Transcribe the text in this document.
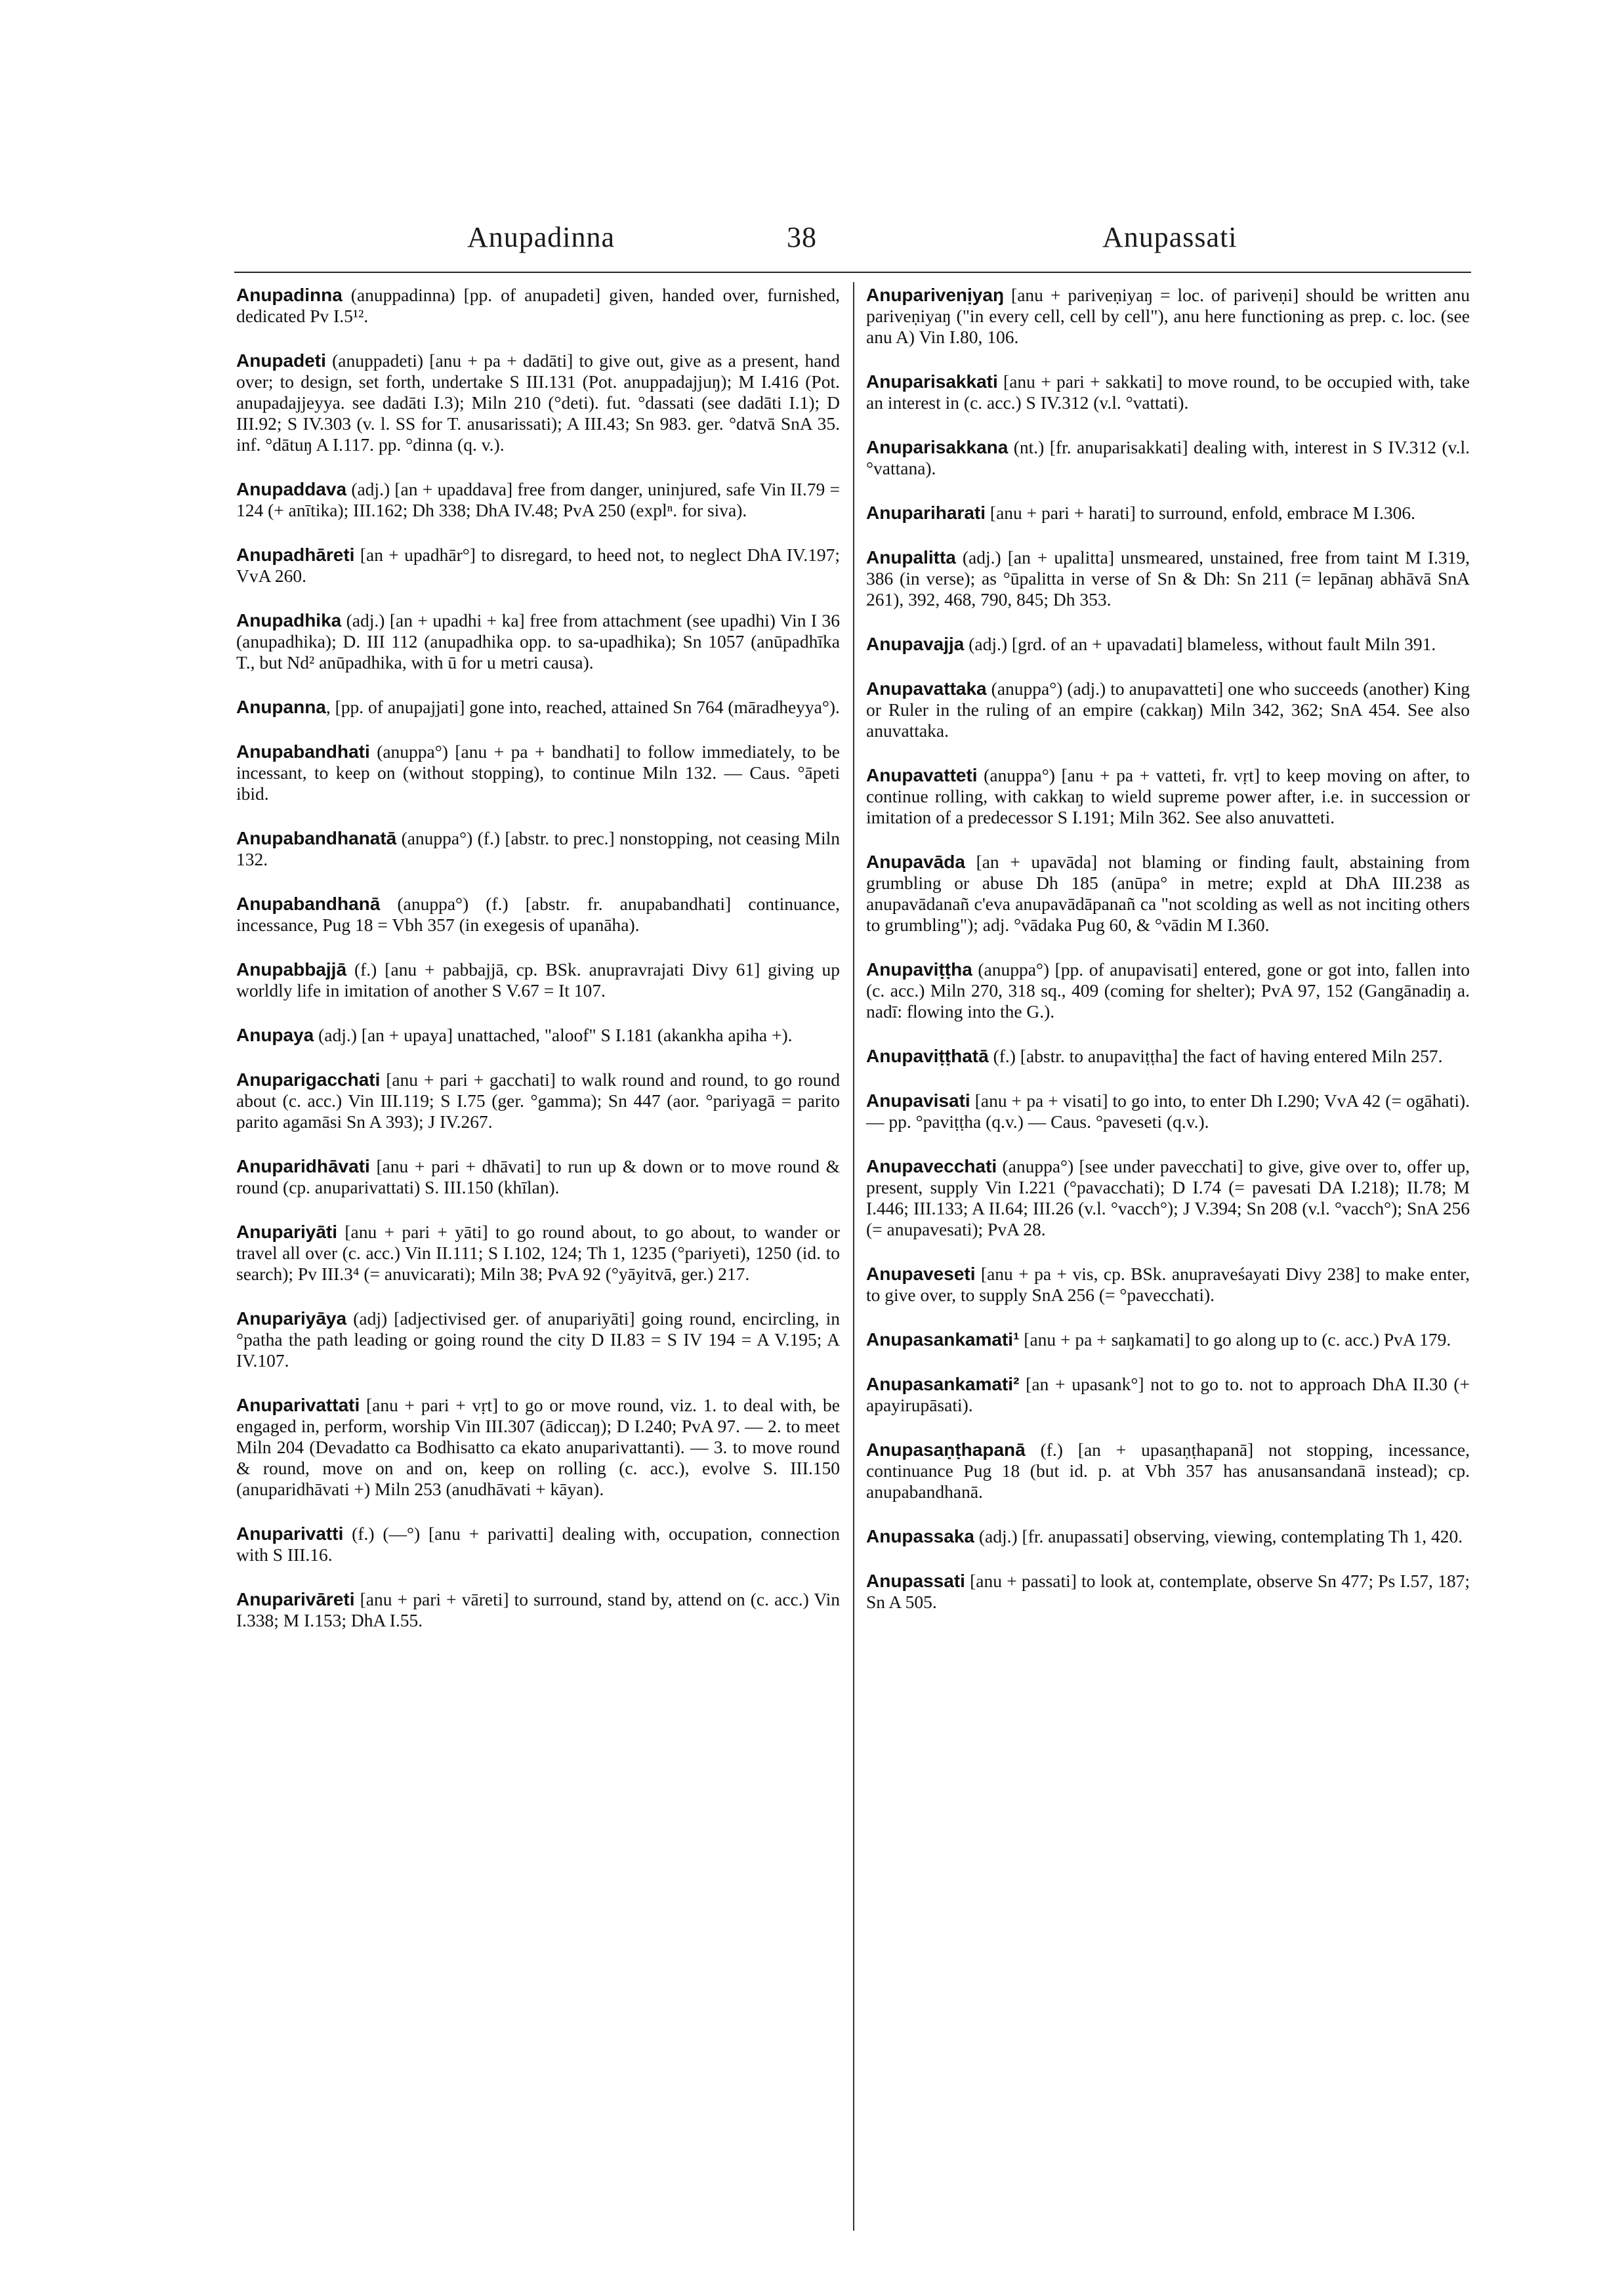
Anupadinna	38	Anupassati

Anupadinna (anuppadinna) [pp. of anupadeti] given, handed over, furnished, dedicated Pv I.5¹².

Anupadeti (anuppadeti) [anu + pa + dadāti] to give out, give as a present, hand over; to design, set forth, undertake S III.131 (Pot. anuppadajjuŋ); M I.416 (Pot. anupadajjeyya. see dadāti I.3); Miln 210 (°deti). fut. °dassati (see dadāti I.1); D III.92; S IV.303 (v. l. SS for T. anusarissati); A III.43; Sn 983. ger. °datvā SnA 35. inf. °dātuŋ A I.117. pp. °dinna (q. v.).

Anupaddava (adj.) [an + upaddava] free from danger, uninjured, safe Vin II.79 = 124 (+ anītika); III.162; Dh 338; DhA IV.48; PvA 250 (explⁿ. for siva).

Anupadhāreti [an + upadhār°] to disregard, to heed not, to neglect DhA IV.197; VvA 260.

Anupadhika (adj.) [an + upadhi + ka] free from attachment (see upadhi) Vin I 36 (anupadhika); D. III 112 (anupadhika opp. to sa-upadhika); Sn 1057 (anūpadhīka T., but Nd² anūpadhika, with ū for u metri causa).

Anupanna, [pp. of anupajjati] gone into, reached, attained Sn 764 (māradheyya°).

Anupabandhati (anuppa°) [anu + pa + bandhati] to follow immediately, to be incessant, to keep on (without stopping), to continue Miln 132. — Caus. °āpeti ibid.

Anupabandhanatā (anuppa°) (f.) [abstr. to prec.] nonstopping, not ceasing Miln 132.

Anupabandhanā (anuppa°) (f.) [abstr. fr. anupabandhati] continuance, incessance, Pug 18 = Vbh 357 (in exegesis of upanāha).

Anupabbajjā (f.) [anu + pabbajjā, cp. BSk. anupravrajati Divy 61] giving up worldly life in imitation of another S V.67 = It 107.

Anupaya (adj.) [an + upaya] unattached, "aloof" S I.181 (akankha apiha +).

Anuparigacchati [anu + pari + gacchati] to walk round and round, to go round about (c. acc.) Vin III.119; S I.75 (ger. °gamma); Sn 447 (aor. °pariyagā = parito parito agamāsi Sn A 393); J IV.267.

Anuparidhāvati [anu + pari + dhāvati] to run up & down or to move round & round (cp. anuparivattati) S. III.150 (khīlan).

Anupariyāti [anu + pari + yāti] to go round about, to go about, to wander or travel all over (c. acc.) Vin II.111; S I.102, 124; Th 1, 1235 (°pariyeti), 1250 (id. to search); Pv III.3⁴ (= anuvicarati); Miln 38; PvA 92 (°yāyitvā, ger.) 217.

Anupariyāya (adj) [adjectivised ger. of anupariyāti] going round, encircling, in °patha the path leading or going round the city D II.83 = S IV 194 = A V.195; A IV.107.

Anuparivattati [anu + pari + vṛt] to go or move round, viz. 1. to deal with, be engaged in, perform, worship Vin III.307 (ādiccaŋ); D I.240; PvA 97. — 2. to meet Miln 204 (Devadatto ca Bodhisatto ca ekato anuparivattanti). — 3. to move round & round, move on and on, keep on rolling (c. acc.), evolve S. III.150 (anuparidhāvati +) Miln 253 (anudhāvati + kāyan).

Anuparivatti (f.) (—°) [anu + parivatti] dealing with, occupation, connection with S III.16.

Anuparivāreti [anu + pari + vāreti] to surround, stand by, attend on (c. acc.) Vin I.338; M I.153; DhA I.55.

Anuparivenịyaŋ [anu + pariveṇiyaŋ = loc. of pariveṇi] should be written anu pariveṇiyaŋ ("in every cell, cell by cell"), anu here functioning as prep. c. loc. (see anu A) Vin I.80, 106.

Anuparisakkati [anu + pari + sakkati] to move round, to be occupied with, take an interest in (c. acc.) S IV.312 (v.l. °vattati).

Anuparisakkana (nt.) [fr. anuparisakkati] dealing with, interest in S IV.312 (v.l. °vattana).

Anupariharati [anu + pari + harati] to surround, enfold, embrace M I.306.

Anupalitta (adj.) [an + upalitta] unsmeared, unstained, free from taint M I.319, 386 (in verse); as °ūpalitta in verse of Sn & Dh: Sn 211 (= lepānaŋ abhāvā SnA 261), 392, 468, 790, 845; Dh 353.

Anupavajja (adj.) [grd. of an + upavadati] blameless, without fault Miln 391.

Anupavattaka (anuppa°) (adj.) to anupavatteti] one who succeeds (another) King or Ruler in the ruling of an empire (cakkaŋ) Miln 342, 362; SnA 454. See also anuvattaka.

Anupavatteti (anuppa°) [anu + pa + vatteti, fr. vṛt] to keep moving on after, to continue rolling, with cakkaŋ to wield supreme power after, i.e. in succession or imitation of a predecessor S I.191; Miln 362. See also anuvatteti.

Anupavāda [an + upavāda] not blaming or finding fault, abstaining from grumbling or abuse Dh 185 (anūpa° in metre; expld at DhA III.238 as anupavādanañ c'eva anupavādāpanañ ca "not scolding as well as not inciting others to grumbling"); adj. °vādaka Pug 60, & °vādin M I.360.

Anupaviṭṭha (anuppa°) [pp. of anupavisati] entered, gone or got into, fallen into (c. acc.) Miln 270, 318 sq., 409 (coming for shelter); PvA 97, 152 (Gangānadiŋ a. nadī: flowing into the G.).

Anupaviṭṭhatā (f.) [abstr. to anupaviṭṭha] the fact of having entered Miln 257.

Anupavisati [anu + pa + visati] to go into, to enter Dh I.290; VvA 42 (= ogāhati). — pp. °paviṭṭha (q.v.) — Caus. °paveseti (q.v.).

Anupavecchati (anuppa°) [see under pavecchati] to give, give over to, offer up, present, supply Vin I.221 (°pavacchati); D I.74 (= pavesati DA I.218); II.78; M I.446; III.133; A II.64; III.26 (v.l. °vacch°); J V.394; Sn 208 (v.l. °vacch°); SnA 256 (= anupavesati); PvA 28.

Anupaveseti [anu + pa + vis, cp. BSk. anupraveśayati Divy 238] to make enter, to give over, to supply SnA 256 (= °pavecchati).

Anupasankamati¹ [anu + pa + saŋkamati] to go along up to (c. acc.) PvA 179.

Anupasankamati² [an + upasank°] not to go to. not to approach DhA II.30 (+ apayirupāsati).

Anupasaṇṭhapanā (f.) [an + upasaṇṭhapanā] not stopping, incessance, continuance Pug 18 (but id. p. at Vbh 357 has anusansandanā instead); cp. anupabandhanā.

Anupassaka (adj.) [fr. anupassati] observing, viewing, contemplating Th 1, 420.

Anupassati [anu + passati] to look at, contemplate, observe Sn 477; Ps I.57, 187; Sn A 505.
